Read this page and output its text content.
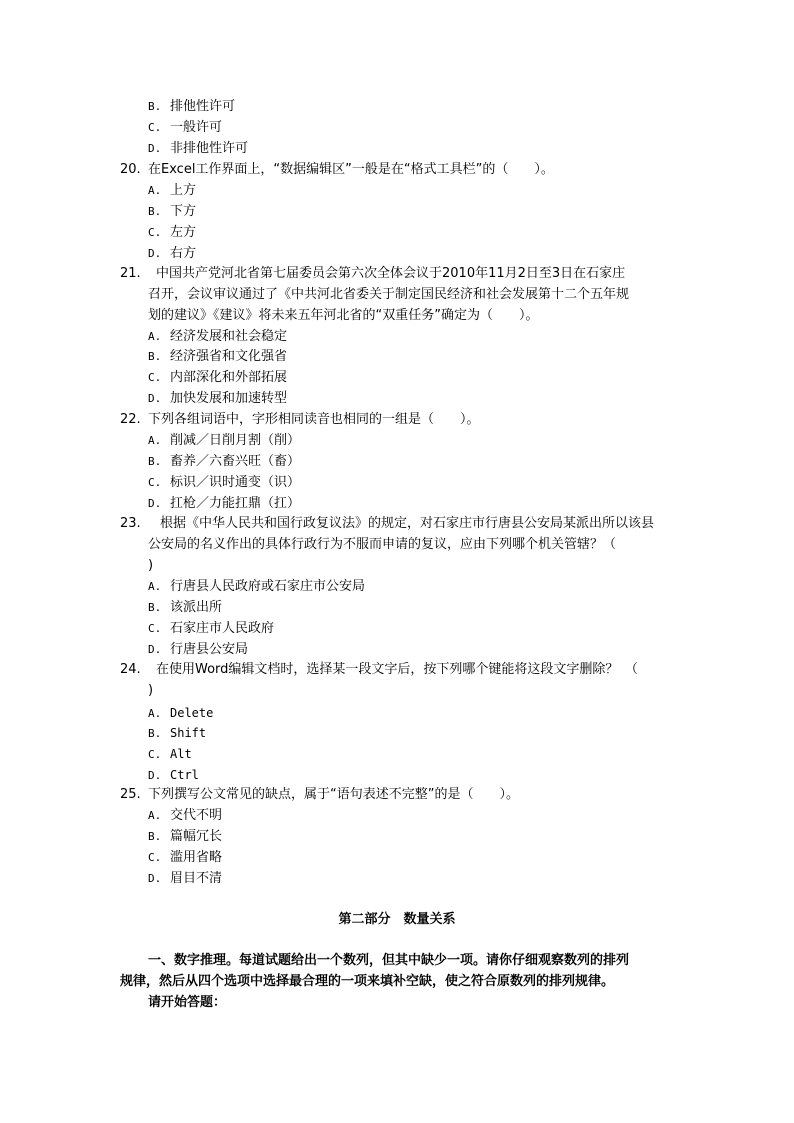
B. 排他性许可
C. 一般许可
D. 非排他性许可
20. 在Excel工作界面上，“数据编辑区”一般是在“格式工具栏”的（　　）。
A. 上方
B. 下方
C. 左方
D. 右方
21. 中国共产党河北省第七届委员会第六次全体会议于2010年11月2日至3日在石家庄
召开，会议审议通过了《中共河北省委关于制定国民经济和社会发展第十二个五年规
划的建议》《建议》将未来五年河北省的“双重任务”确定为（　　）。
A. 经济发展和社会稳定
B. 经济强省和文化强省
C. 内部深化和外部拓展
D. 加快发展和加速转型
22. 下列各组词语中，字形相同读音也相同的一组是（　　）。
A. 削减／日削月割（削）
B. 畜养／六畜兴旺（畜）
C. 标识／识时通变（识）
D. 扛枪／力能扛鼎（扛）
23. 根据《中华人民共和国行政复议法》的规定，对石家庄市行唐县公安局某派出所以该县
公安局的名义作出的具体行政行为不服而申请的复议，应由下列哪个机关管辖？（
)
A. 行唐县人民政府或石家庄市公安局
B. 该派出所
C. 石家庄市人民政府
D. 行唐县公安局
24. 在使用Word编辑文档时，选择某一段文字后，按下列哪个键能将这段文字删除？　（
)
A. Delete
B. Shift
C. Alt
D. Ctrl
25. 下列撰写公文常见的缺点，属于“语句表述不完整”的是（　　）。
A. 交代不明
B. 篇幅冗长
C. 滥用省略
D. 眉目不清
第二部分　数量关系
一、数字推理。每道试题给出一个数列，但其中缺少一项。请你仔细观察数列的排列
规律，然后从四个选项中选择最合理的一项来填补空缺，使之符合原数列的排列规律。
请开始答题：
